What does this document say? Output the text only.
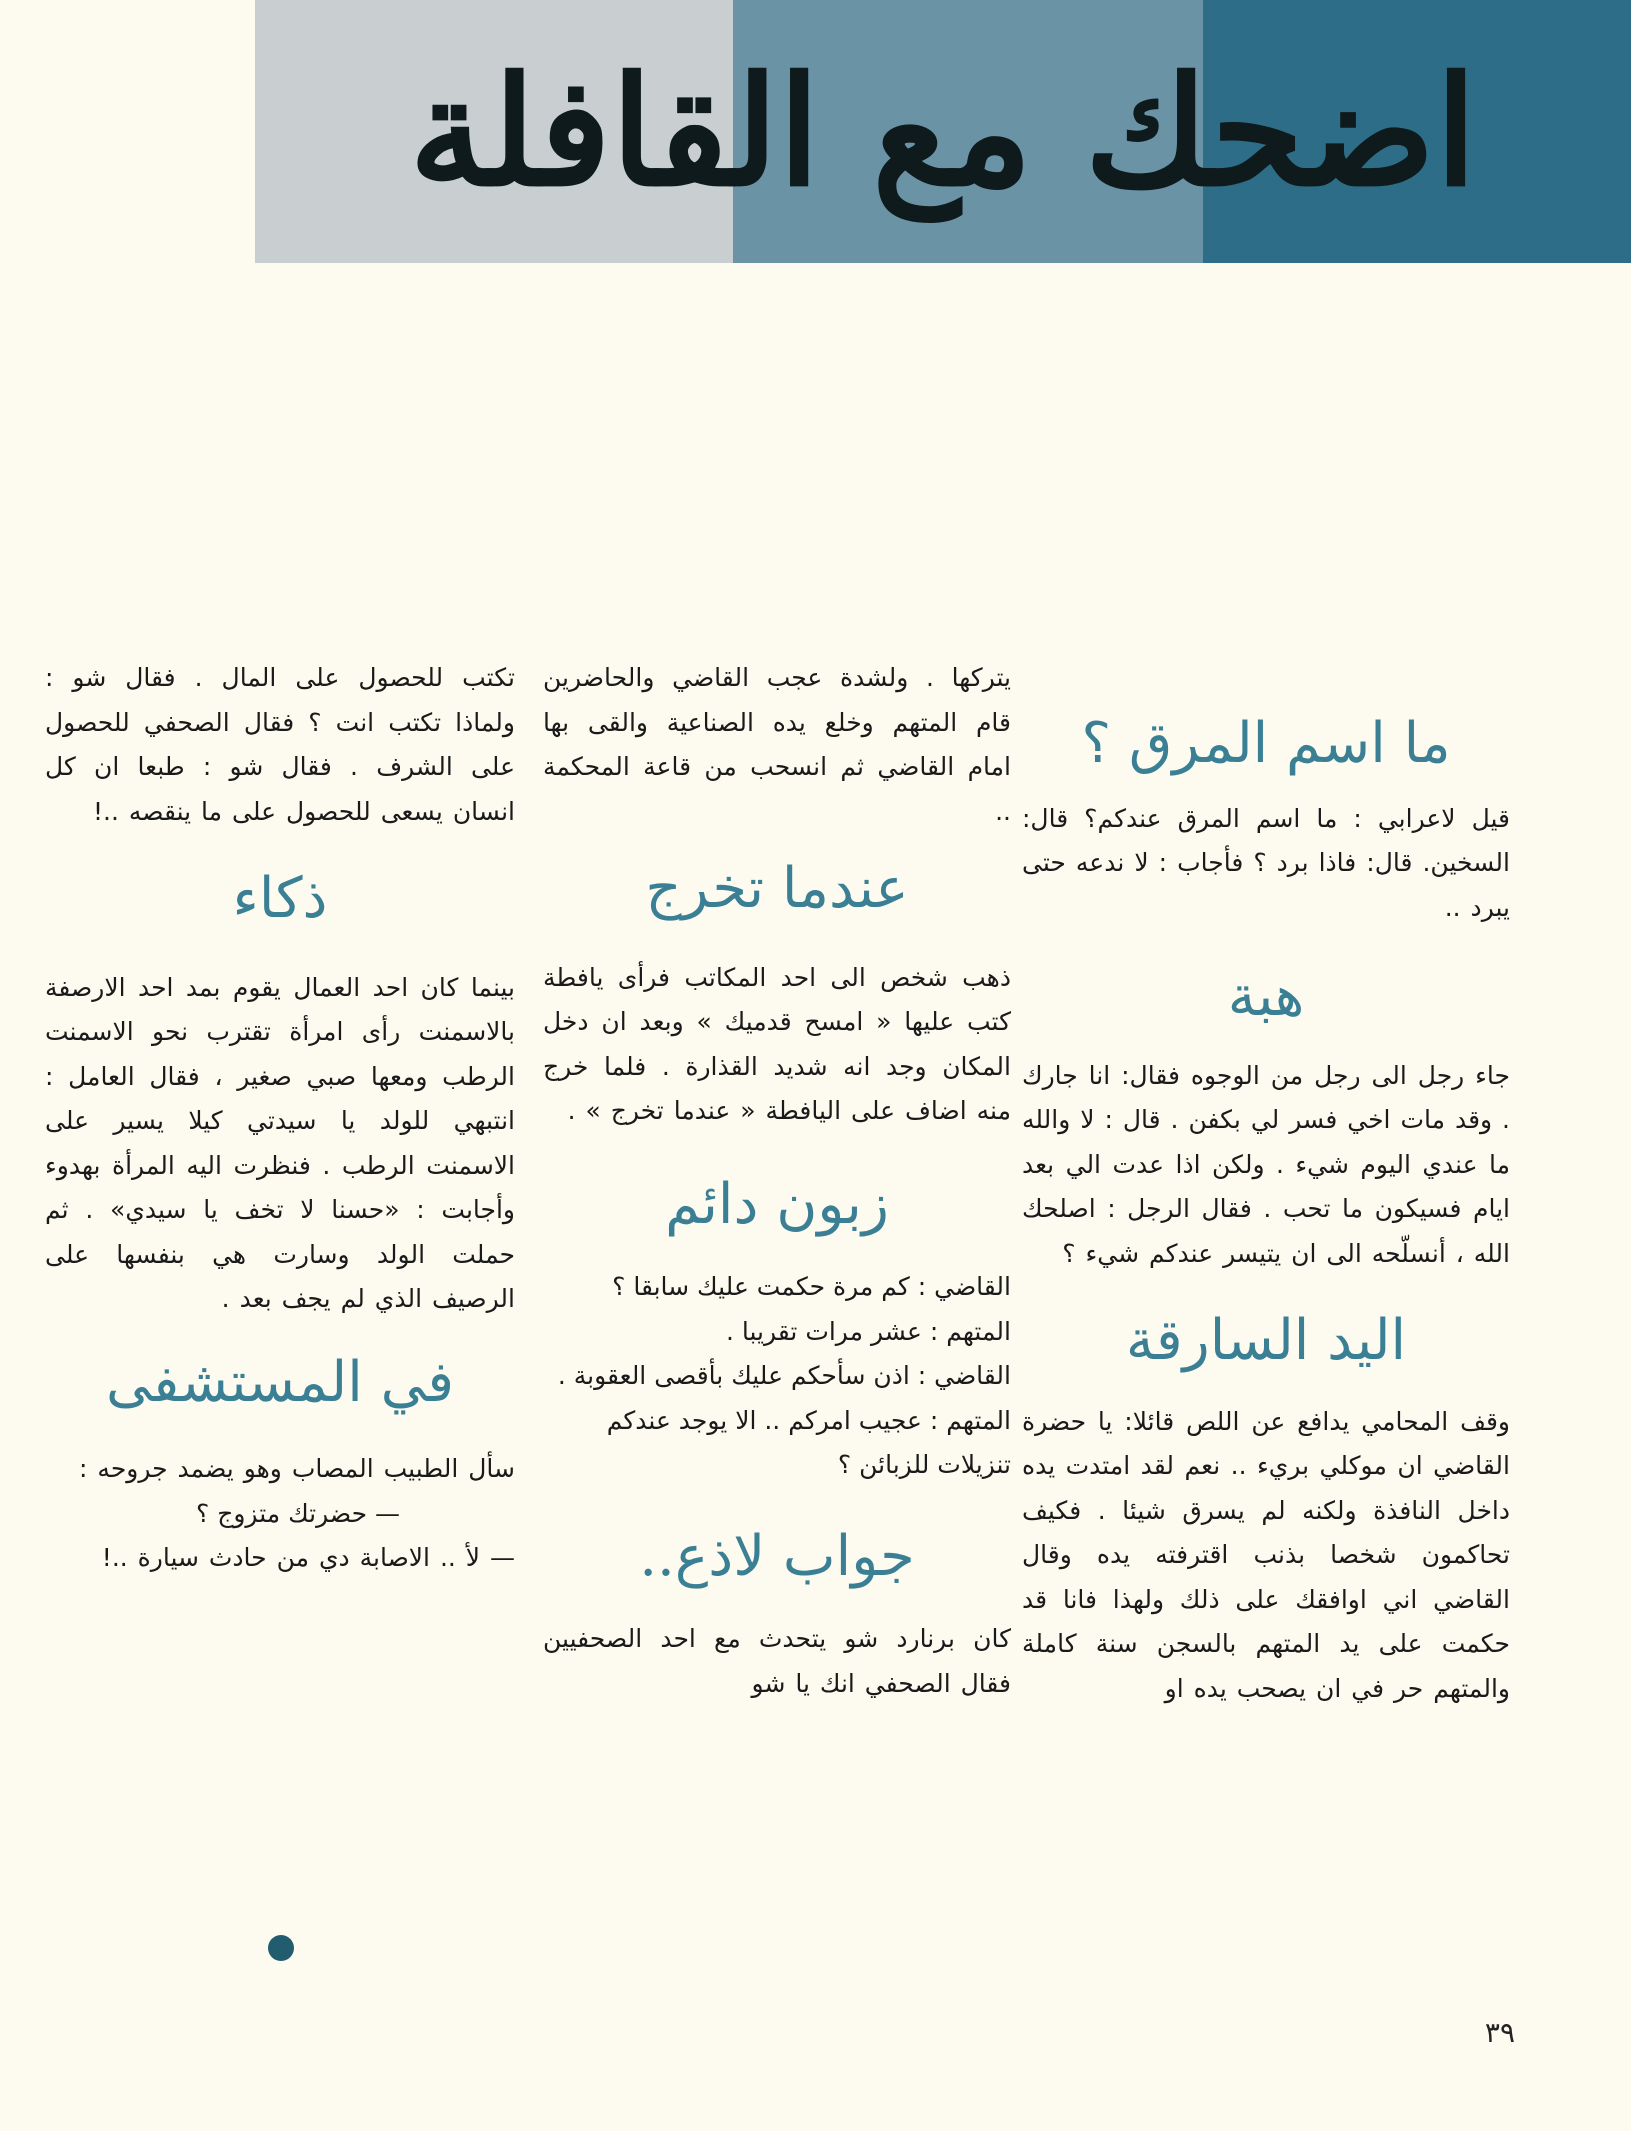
اضحك مع القافلة
ما اسم المرق ؟

قيل لاعرابي : ما اسم المرق عندكم؟ قال: السخين. قال: فاذا برد ؟ فأجاب : لا ندعه حتى يبرد ..

هبة

جاء رجل الى رجل من الوجوه فقال: انا جارك . وقد مات اخي فسر لي بكفن . قال : لا والله ما عندي اليوم شيء . ولكن اذا عدت الي بعد ايام فسيكون ما تحب . فقال الرجل : اصلحك الله ، أنسلّحه الى ان يتيسر عندكم شيء ؟

اليد السارقة

وقف المحامي يدافع عن اللص قائلا: يا حضرة القاضي ان موكلي بريء .. نعم لقد امتدت يده داخل النافذة ولكنه لم يسرق شيئا . فكيف تحاكمون شخصا بذنب اقترفته يده وقال القاضي اني اوافقك على ذلك ولهذا فانا قد حكمت على يد المتهم بالسجن سنة كاملة والمتهم حر في ان يصحب يده او

يتركها . ولشدة عجب القاضي والحاضرين قام المتهم وخلع يده الصناعية والقى بها امام القاضي ثم انسحب من قاعة المحكمة ..

عندما تخرج

ذهب شخص الى احد المكاتب فرأى يافطة كتب عليها « امسح قدميك » وبعد ان دخل المكان وجد انه شديد القذارة . فلما خرج منه اضاف على اليافطة « عندما تخرج » .

زبون دائم

القاضي : كم مرة حكمت عليك سابقا ؟

المتهم : عشر مرات تقريبا .

القاضي : اذن سأحكم عليك بأقصى العقوبة .

المتهم : عجيب امركم .. الا يوجد عندكم تنزيلات للزبائن ؟

جواب لاذع..

كان برنارد شو يتحدث مع احد الصحفيين فقال الصحفي انك يا شو

تكتب للحصول على المال . فقال شو : ولماذا تكتب انت ؟ فقال الصحفي للحصول على الشرف . فقال شو : طبعا ان كل انسان يسعى للحصول على ما ينقصه ..!

ذكاء

بينما كان احد العمال يقوم بمد احد الارصفة بالاسمنت رأى امرأة تقترب نحو الاسمنت الرطب ومعها صبي صغير ، فقال العامل : انتبهي للولد يا سيدتي كيلا يسير على الاسمنت الرطب . فنظرت اليه المرأة بهدوء وأجابت : «حسنا لا تخف يا سيدي» . ثم حملت الولد وسارت هي بنفسها على الرصيف الذي لم يجف بعد .

في المستشفى

سأل الطبيب المصاب وهو يضمد جروحه :

— حضرتك متزوج ؟

— لأ .. الاصابة دي من حادث سيارة ..!

٣٩
